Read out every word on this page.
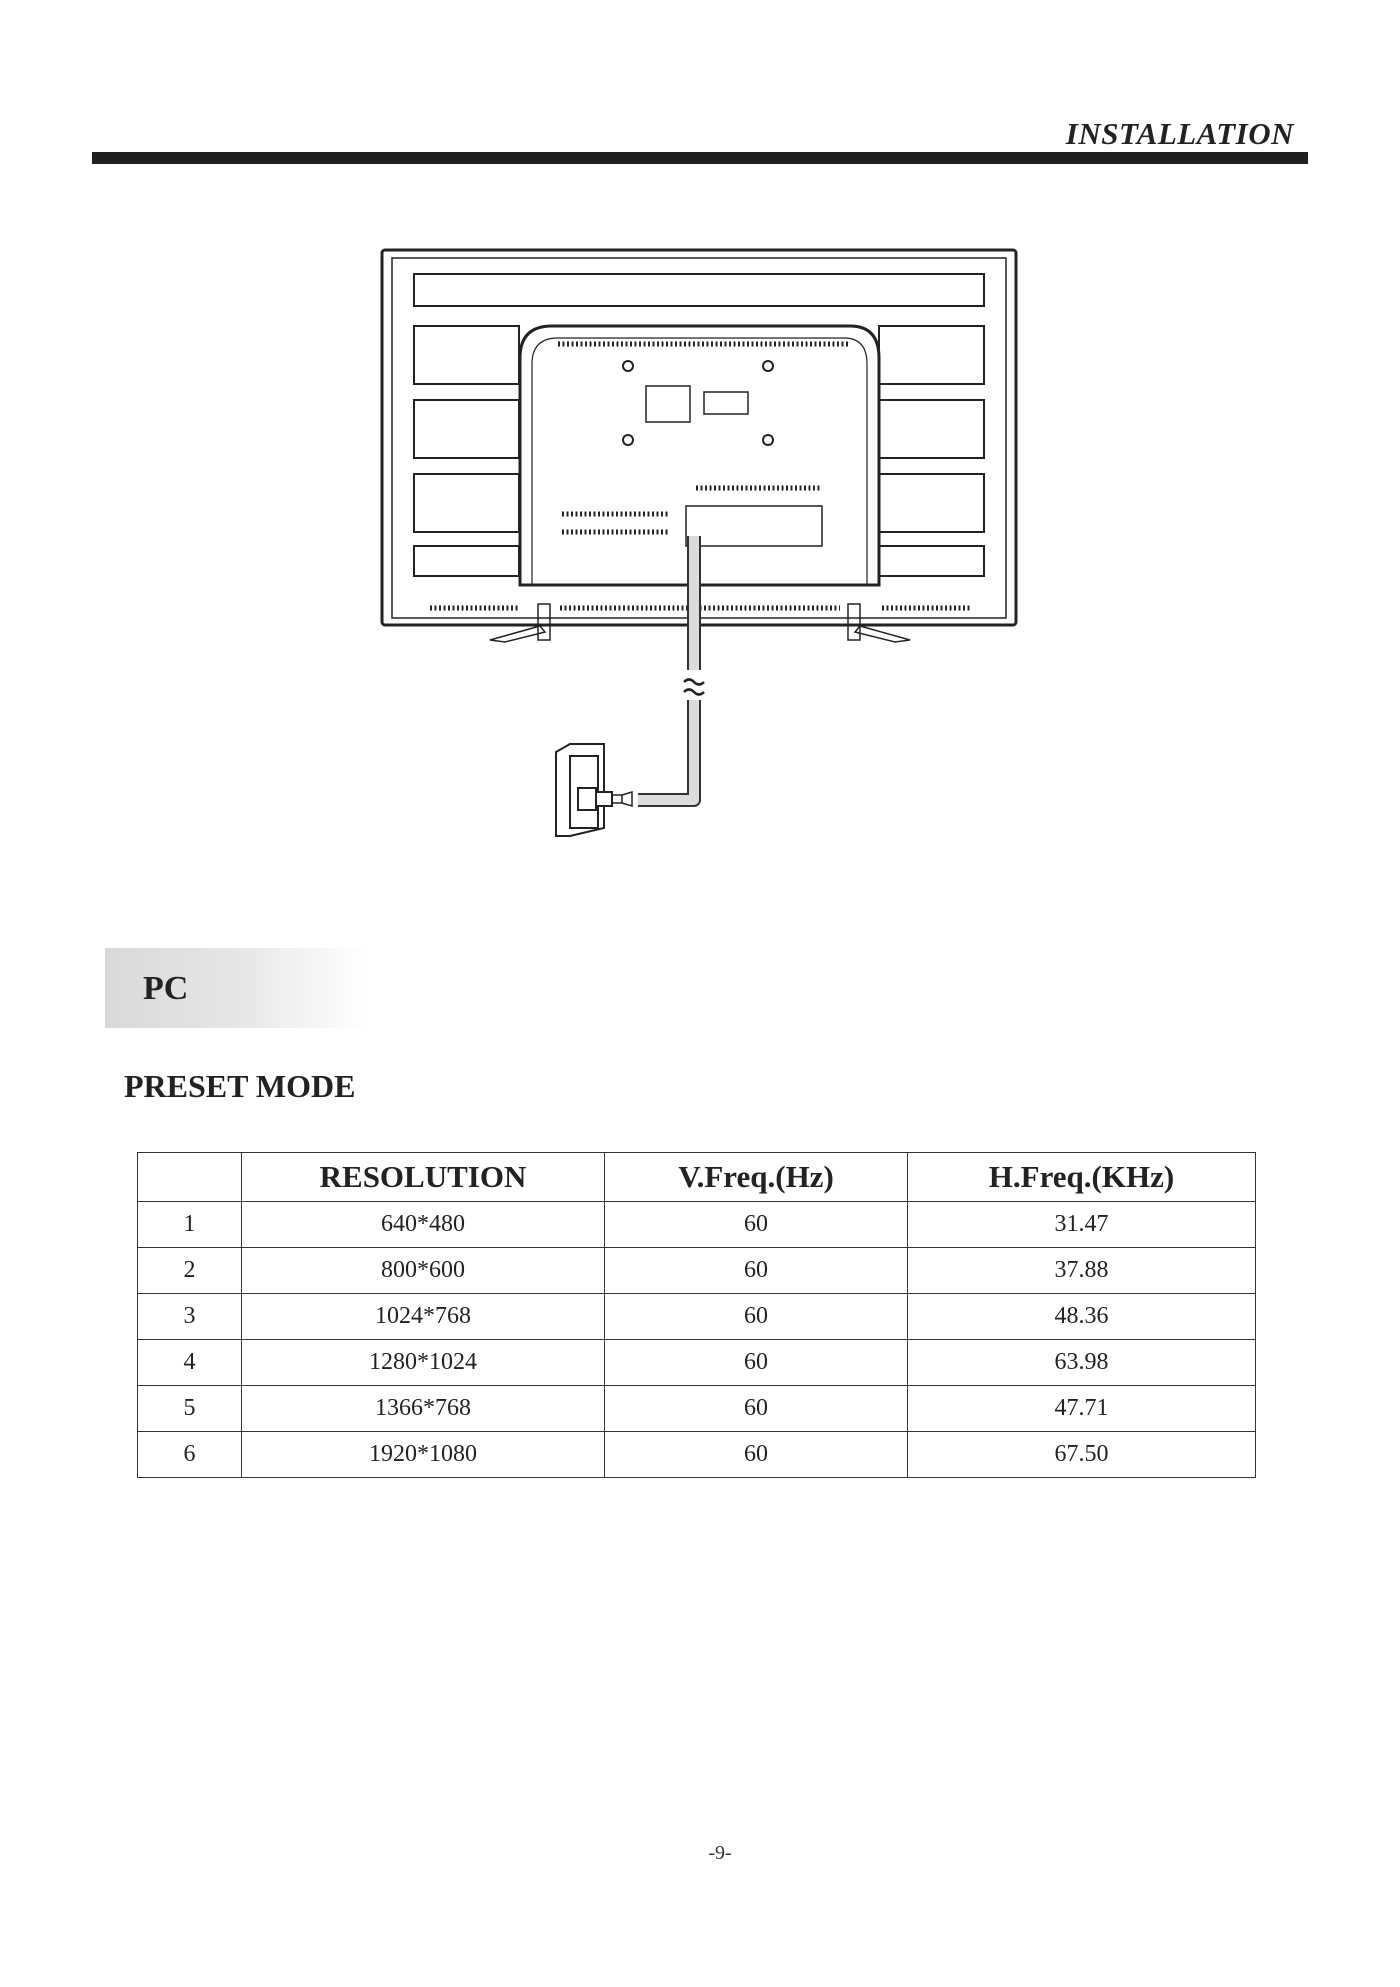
INSTALLATION
PC
PRESET MODE
	RESOLUTION	V.Freq.(Hz)	H.Freq.(KHz)
1	640*480	60	31.47
2	800*600	60	37.88
3	1024*768	60	48.36
4	1280*1024	60	63.98
5	1366*768	60	47.71
6	1920*1080	60	67.50

-9-
